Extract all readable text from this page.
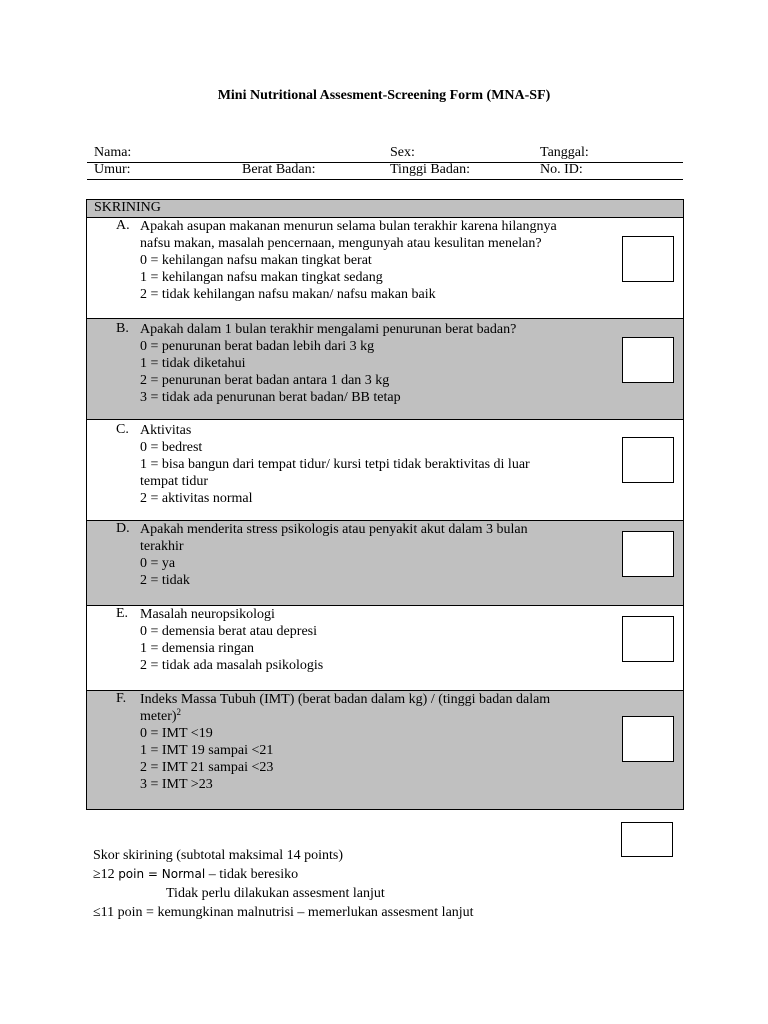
Mini Nutritional Assesment-Screening Form (MNA-SF)
Nama:	Sex:	Tanggal:
Umur:	Berat Badan:	Tinggi Badan:	No. ID:
SKRINING
A. Apakah asupan makanan menurun selama bulan terakhir karena hilangnya
nafsu makan, masalah pencernaan, mengunyah atau kesulitan menelan?
0 = kehilangan nafsu makan tingkat berat
1 = kehilangan nafsu makan tingkat sedang
2 = tidak kehilangan nafsu makan/ nafsu makan baik
B. Apakah dalam 1 bulan terakhir mengalami penurunan berat badan?
0 = penurunan berat badan lebih dari 3 kg
1 = tidak diketahui
2 = penurunan berat badan antara 1 dan 3 kg
3 = tidak ada penurunan berat badan/ BB tetap
C. Aktivitas
0 = bedrest
1 = bisa bangun dari tempat tidur/ kursi tetpi tidak beraktivitas di luar
tempat tidur
2 = aktivitas normal
D. Apakah menderita stress psikologis atau penyakit akut dalam 3 bulan
terakhir
0 = ya
2 = tidak
E. Masalah neuropsikologi
0 = demensia berat atau depresi
1 = demensia ringan
2 = tidak ada masalah psikologis
F. Indeks Massa Tubuh (IMT) (berat badan dalam kg) / (tinggi badan dalam
meter)$^2$
0 = IMT <19
1 = IMT 19 sampai <21
2 = IMT 21 sampai <23
3 = IMT >23
Skor skirining (subtotal maksimal 14 points)
≥12 poin = Normal – tidak beresiko
Tidak perlu dilakukan assesment lanjut
≤11 poin = kemungkinan malnutrisi – memerlukan assesment lanjut
